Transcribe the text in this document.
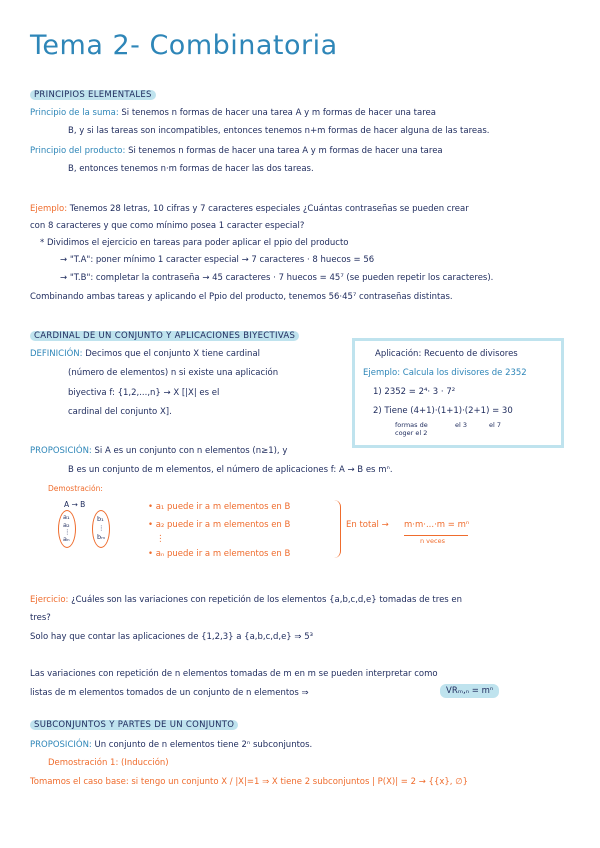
Tema 2- Combinatoria
PRINCIPIOS ELEMENTALES
Principio de la suma: Si tenemos n formas de hacer una tarea A y m formas de hacer una tarea
B, y si las tareas son incompatibles, entonces tenemos n+m formas de hacer alguna de las tareas.
Principio del producto: Si tenemos n formas de hacer una tarea A y m formas de hacer una tarea
B, entonces tenemos n·m formas de hacer las dos tareas.
Ejemplo: Tenemos 28 letras, 10 cifras y 7 caracteres especiales ¿Cuántas contraseñas se pueden crear
con 8 caracteres y que como mínimo posea 1 caracter especial?
* Dividimos el ejercicio en tareas para poder aplicar el ppio del producto
→ "T.A": poner mínimo 1 caracter especial → 7 caracteres · 8 huecos = 56
→ "T.B": completar la contraseña → 45 caracteres · 7 huecos = 45⁷ (se pueden repetir los caracteres).
Combinando ambas tareas y aplicando el Ppio del producto, tenemos 56·45⁷ contraseñas distintas.
CARDINAL DE UN CONJUNTO Y APLICACIONES BIYECTIVAS
DEFINICIÓN: Decimos que el conjunto X tiene cardinal
(número de elementos) n si existe una aplicación
biyectiva f: {1,2,...,n} → X [|X| es el
cardinal del conjunto X].
Aplicación: Recuento de divisores
Ejemplo: Calcula los divisores de 2352
1) 2352 = 2⁴· 3 · 7²
2) Tiene (4+1)·(1+1)·(2+1) = 30
formas de coger el 2
el 3	el 7
PROPOSICIÓN: Si A es un conjunto con n elementos (n≥1), y
B es un conjunto de m elementos, el número de aplicaciones f: A → B es mⁿ.
Demostración:
A → B
a₁
a₂
⋮
aₙ
b₁
⋮
bₘ
• a₁ puede ir a m elementos en B
• a₂ puede ir a m elementos en B
⋮
• aₙ puede ir a m elementos en B
En total → m·m·...·m = mⁿ
n veces
Ejercicio: ¿Cuáles son las variaciones con repetición de los elementos {a,b,c,d,e} tomadas de tres en
tres?
Solo hay que contar las aplicaciones de {1,2,3} a {a,b,c,d,e} ⇒ 5³
Las variaciones con repetición de n elementos tomadas de m en m se pueden interpretar como
listas de m elementos tomados de un conjunto de n elementos ⇒	VRₘ,ₙ = mⁿ
SUBCONJUNTOS Y PARTES DE UN CONJUNTO
PROPOSICIÓN: Un conjunto de n elementos tiene 2ⁿ subconjuntos.
Demostración 1: (Inducción)
Tomamos el caso base: si tengo un conjunto X / |X|=1 ⇒ X tiene 2 subconjuntos | P(X)| = 2 → {{x}, ∅}
